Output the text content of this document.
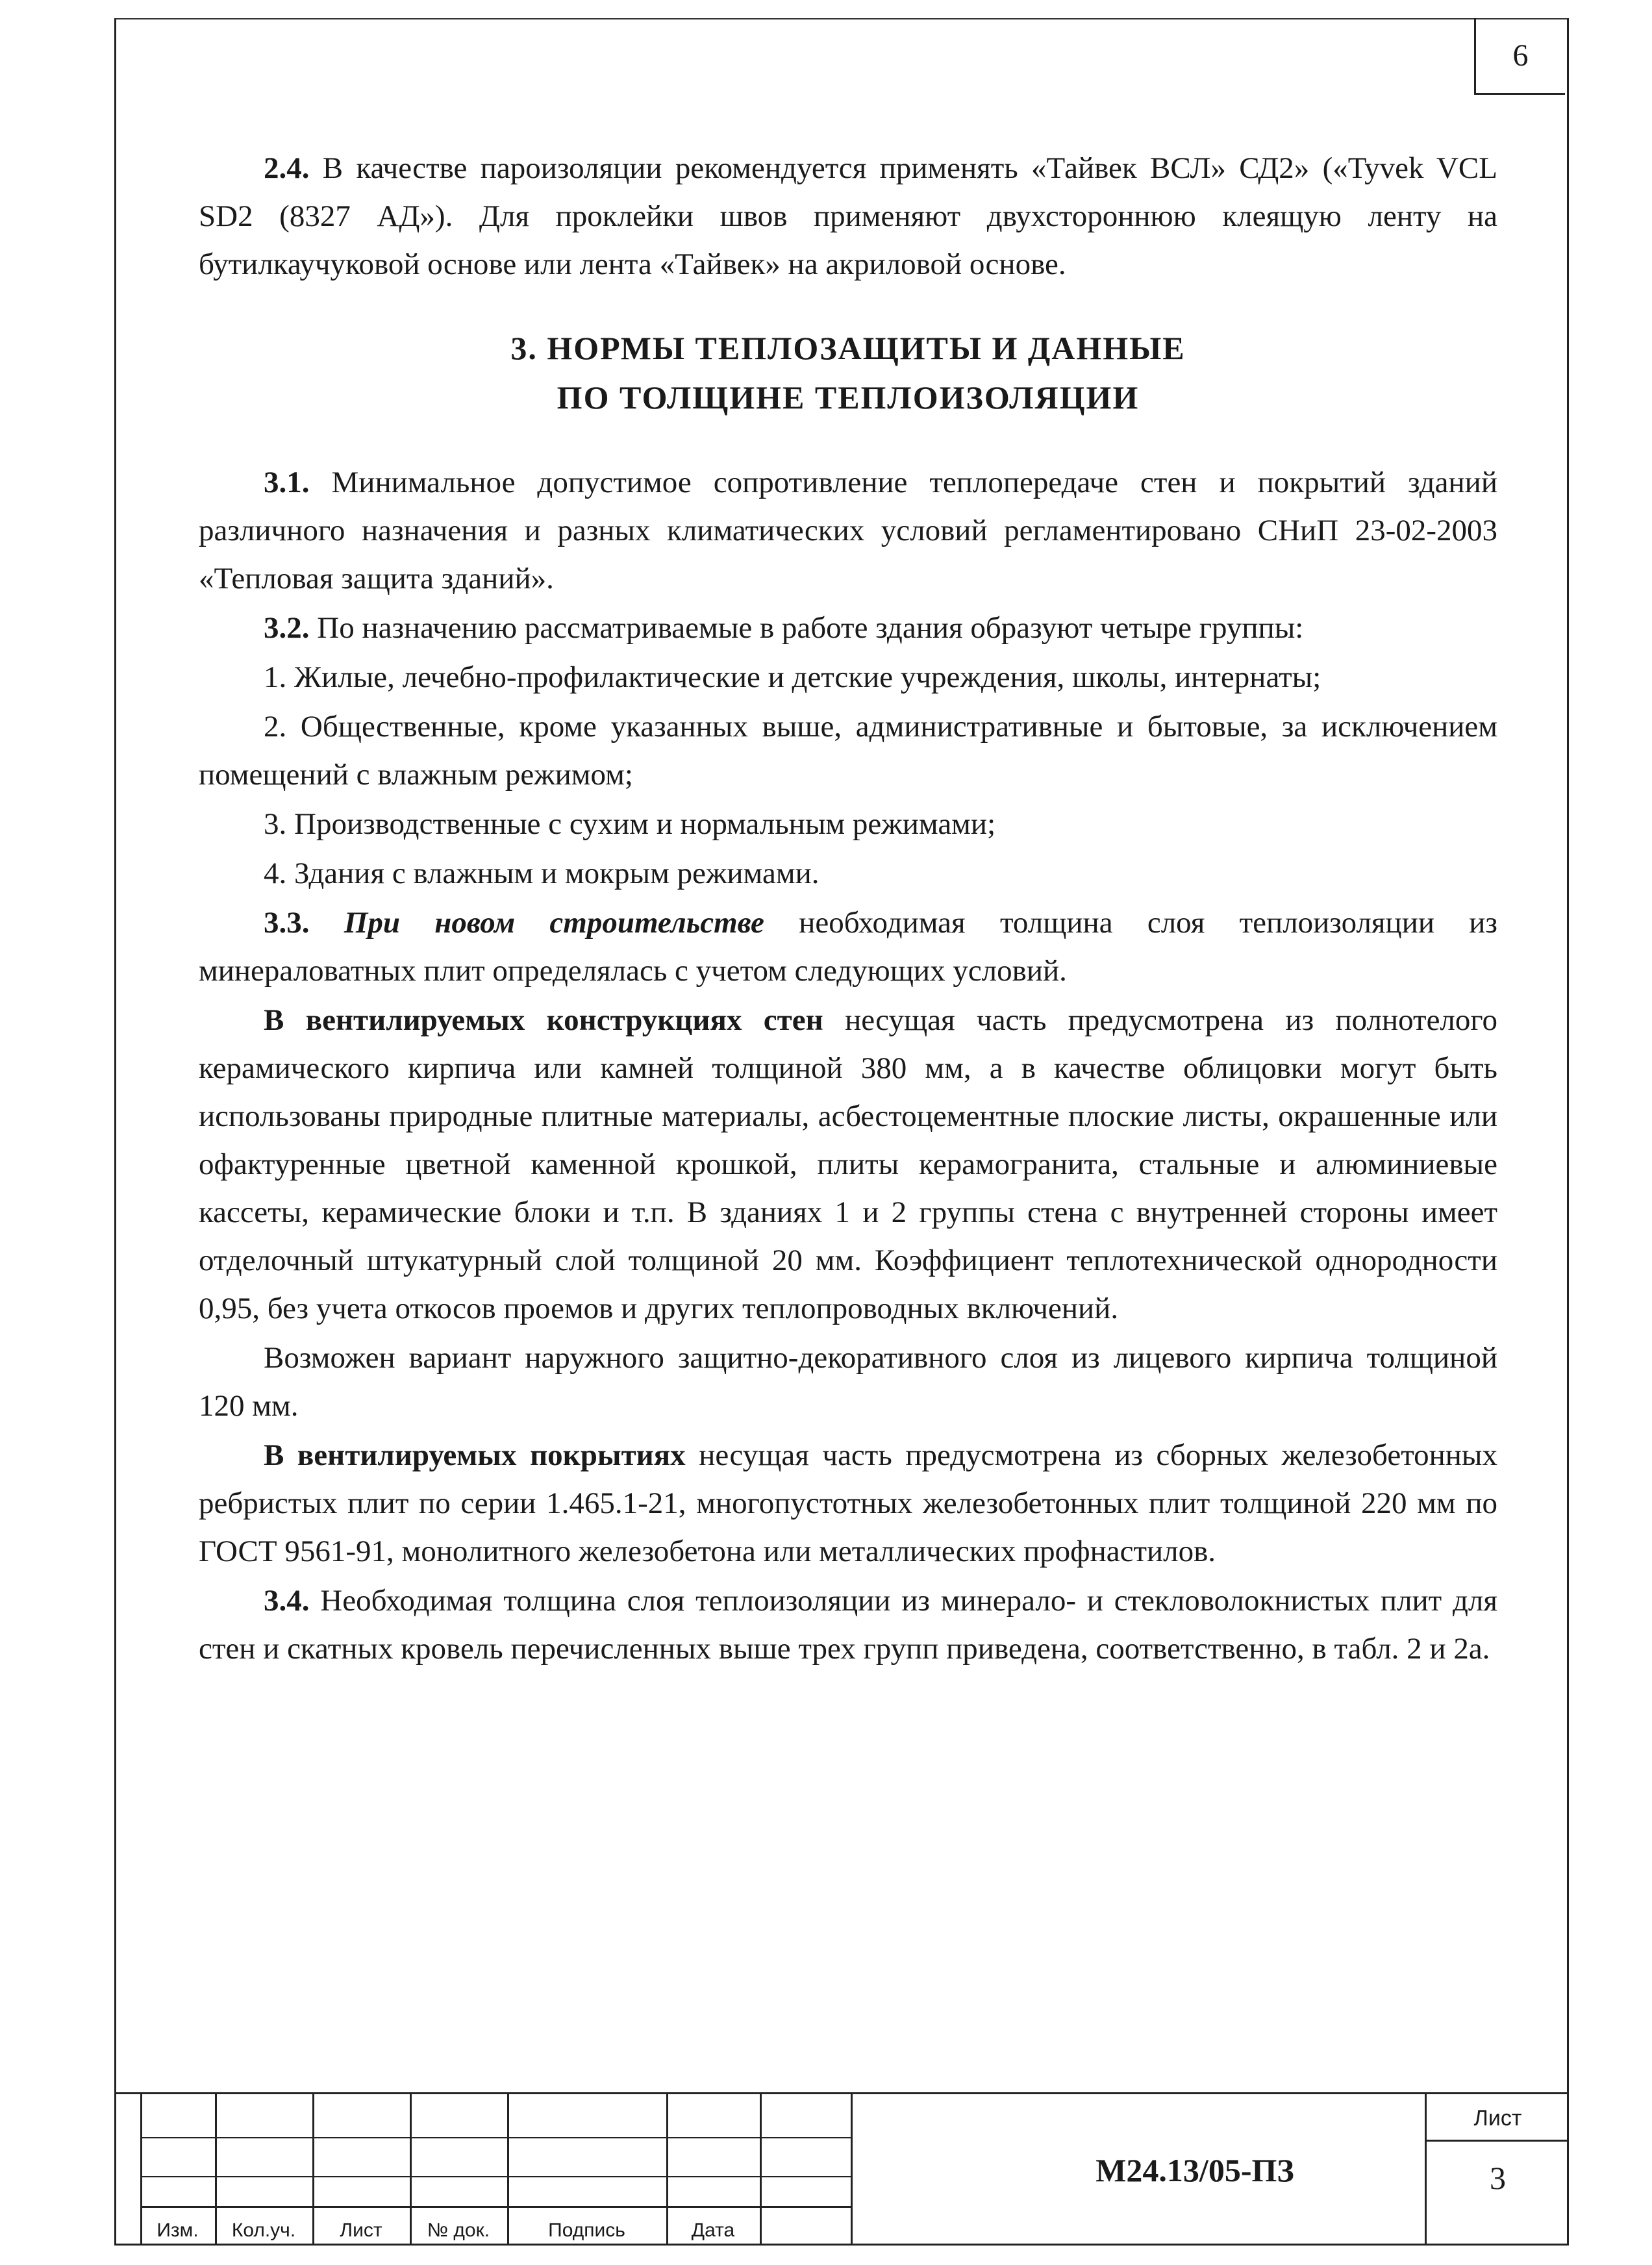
6

2.4. В качестве пароизоляции рекомендуется применять «Тайвек ВСЛ» СД2» («Tyvek VCL SD2 (8327 АД»). Для проклейки швов применяют двухстороннюю клеящую ленту на бутилкаучуковой основе или лента «Тайвек» на акриловой основе.

3. НОРМЫ ТЕПЛОЗАЩИТЫ И ДАННЫЕ
ПО ТОЛЩИНЕ ТЕПЛОИЗОЛЯЦИИ

3.1. Минимальное допустимое сопротивление теплопередаче стен и покрытий зданий различного назначения и разных климатических условий регламентировано СНиП 23-02-2003 «Тепловая защита зданий».

3.2. По назначению рассматриваемые в работе здания образуют четыре группы:

1. Жилые, лечебно-профилактические и детские учреждения, школы, интернаты;

2. Общественные, кроме указанных выше, административные и бытовые, за исключением помещений с влажным режимом;

3. Производственные с сухим и нормальным режимами;

4. Здания с влажным и мокрым режимами.

3.3. При новом строительстве необходимая толщина слоя теплоизоляции из минераловатных плит определялась с учетом следующих условий.

В вентилируемых конструкциях стен несущая часть предусмотрена из полнотелого керамического кирпича или камней толщиной 380 мм, а в качестве облицовки могут быть использованы природные плитные материалы, асбестоцементные плоские листы, окрашенные или офактуренные цветной каменной крошкой, плиты керамогранита, стальные и алюминиевые кассеты, керамические блоки и т.п. В зданиях 1 и 2 группы стена с внутренней стороны имеет отделочный штукатурный слой толщиной 20 мм. Коэффициент теплотехнической однородности 0,95, без учета откосов проемов и других теплопроводных включений.

Возможен вариант наружного защитно-декоративного слоя из лицевого кирпича толщиной 120 мм.

В вентилируемых покрытиях несущая часть предусмотрена из сборных железобетонных ребристых плит по серии 1.465.1-21, многопустотных железобетонных плит толщиной 220 мм по ГОСТ 9561-91, монолитного железобетона или металлических профнастилов.

3.4. Необходимая толщина слоя теплоизоляции из минерало- и стекловолокнистых плит для стен и скатных кровель перечисленных выше трех групп приведена, соответственно, в табл. 2 и 2а.

Изм.	Кол.уч.	Лист	№ док.	Подпись	Дата
М24.13/05-ПЗ
Лист
3
